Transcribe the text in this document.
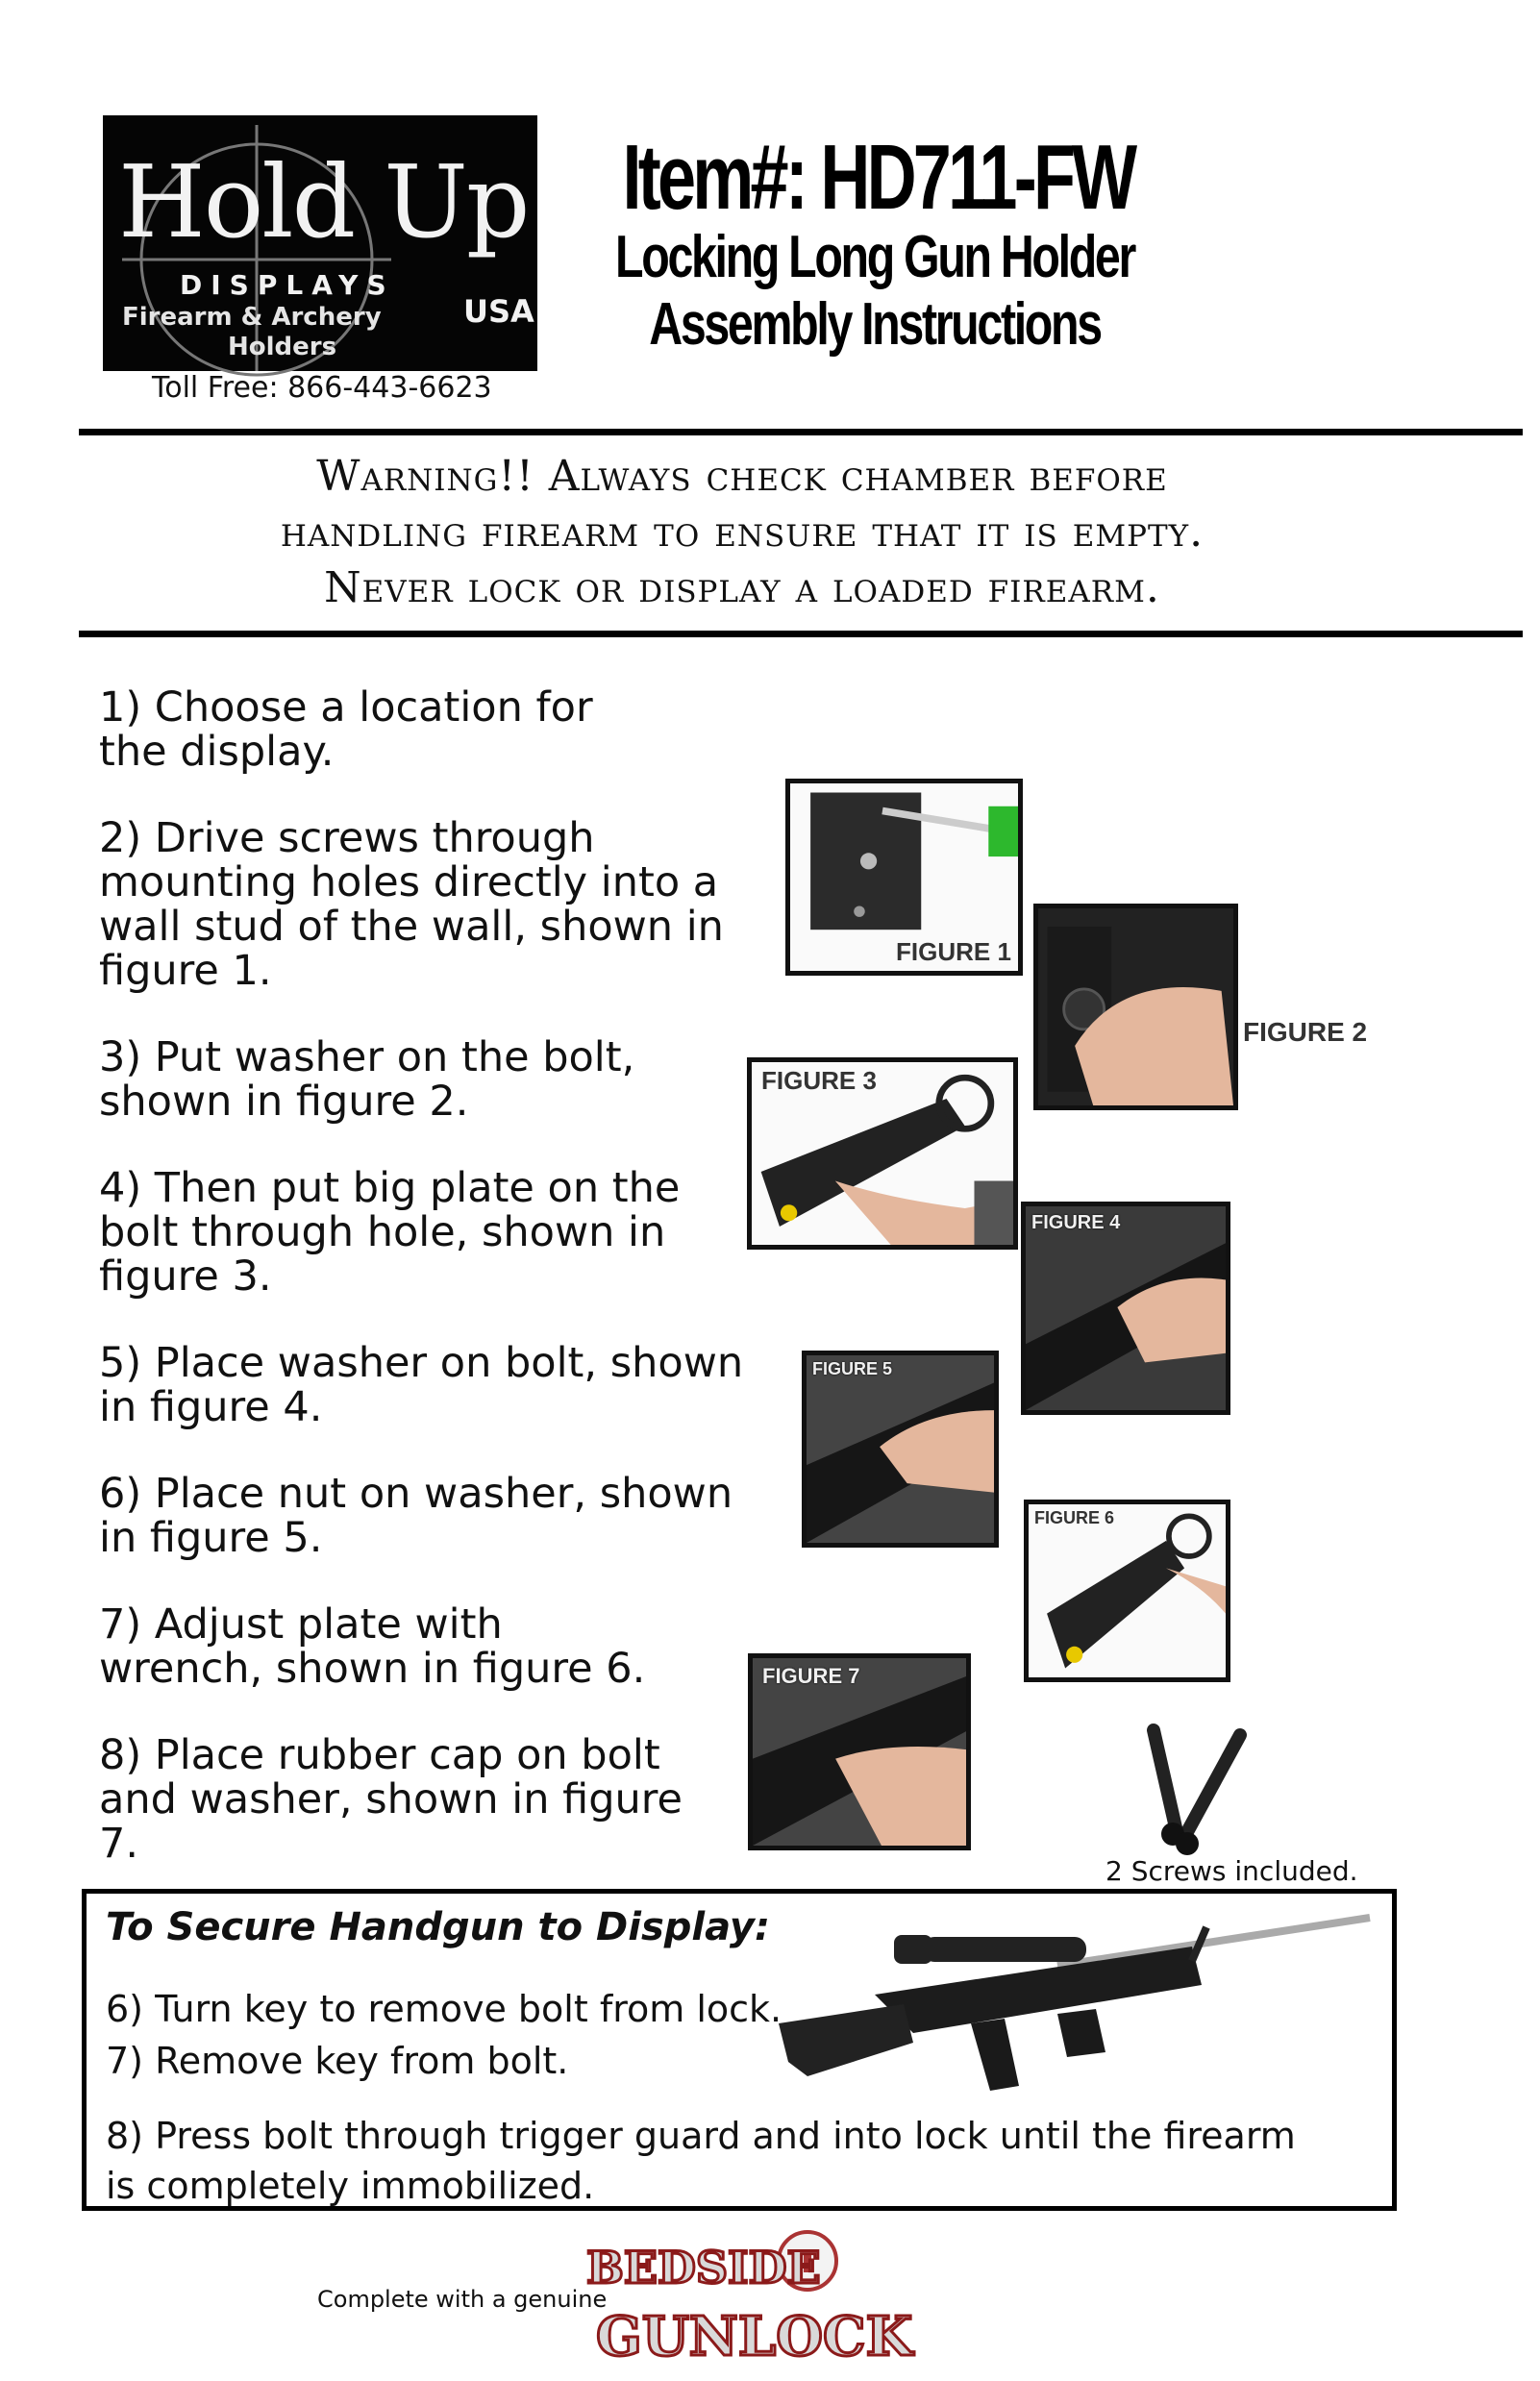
Hold Up
DISPLAYS
Firearm & Archery	USA
Holders
Toll Free: 866-443-6623
Item#: HD711-FW
Locking Long Gun Holder
Assembly Instructions
Warning!! Always check chamber before
handling firearm to ensure that it is empty.
Never lock or display a loaded firearm.
1) Choose a location for the display.
2) Drive screws through mounting holes directly into a wall stud of the wall, shown in figure 1.
3) Put washer on the bolt, shown in figure 2.
4) Then put big plate on the bolt through hole, shown in figure 3.
5) Place washer on bolt, shown in figure 4.
6) Place nut on washer, shown in figure 5.
7) Adjust plate with wrench, shown in figure 6.
8) Place rubber cap on bolt and washer, shown in figure 7.
FIGURE 1
FIGURE 2
FIGURE 3
FIGURE 4
FIGURE 5
FIGURE 6
FIGURE 7
2 Screws included.
To Secure Handgun to Display:
6) Turn key to remove bolt from lock.
7) Remove key from bolt.
8) Press bolt through trigger guard and into lock until the firearm
is completely immobilized.
Complete with a genuine
BEDSIDE
GUNLOCK
